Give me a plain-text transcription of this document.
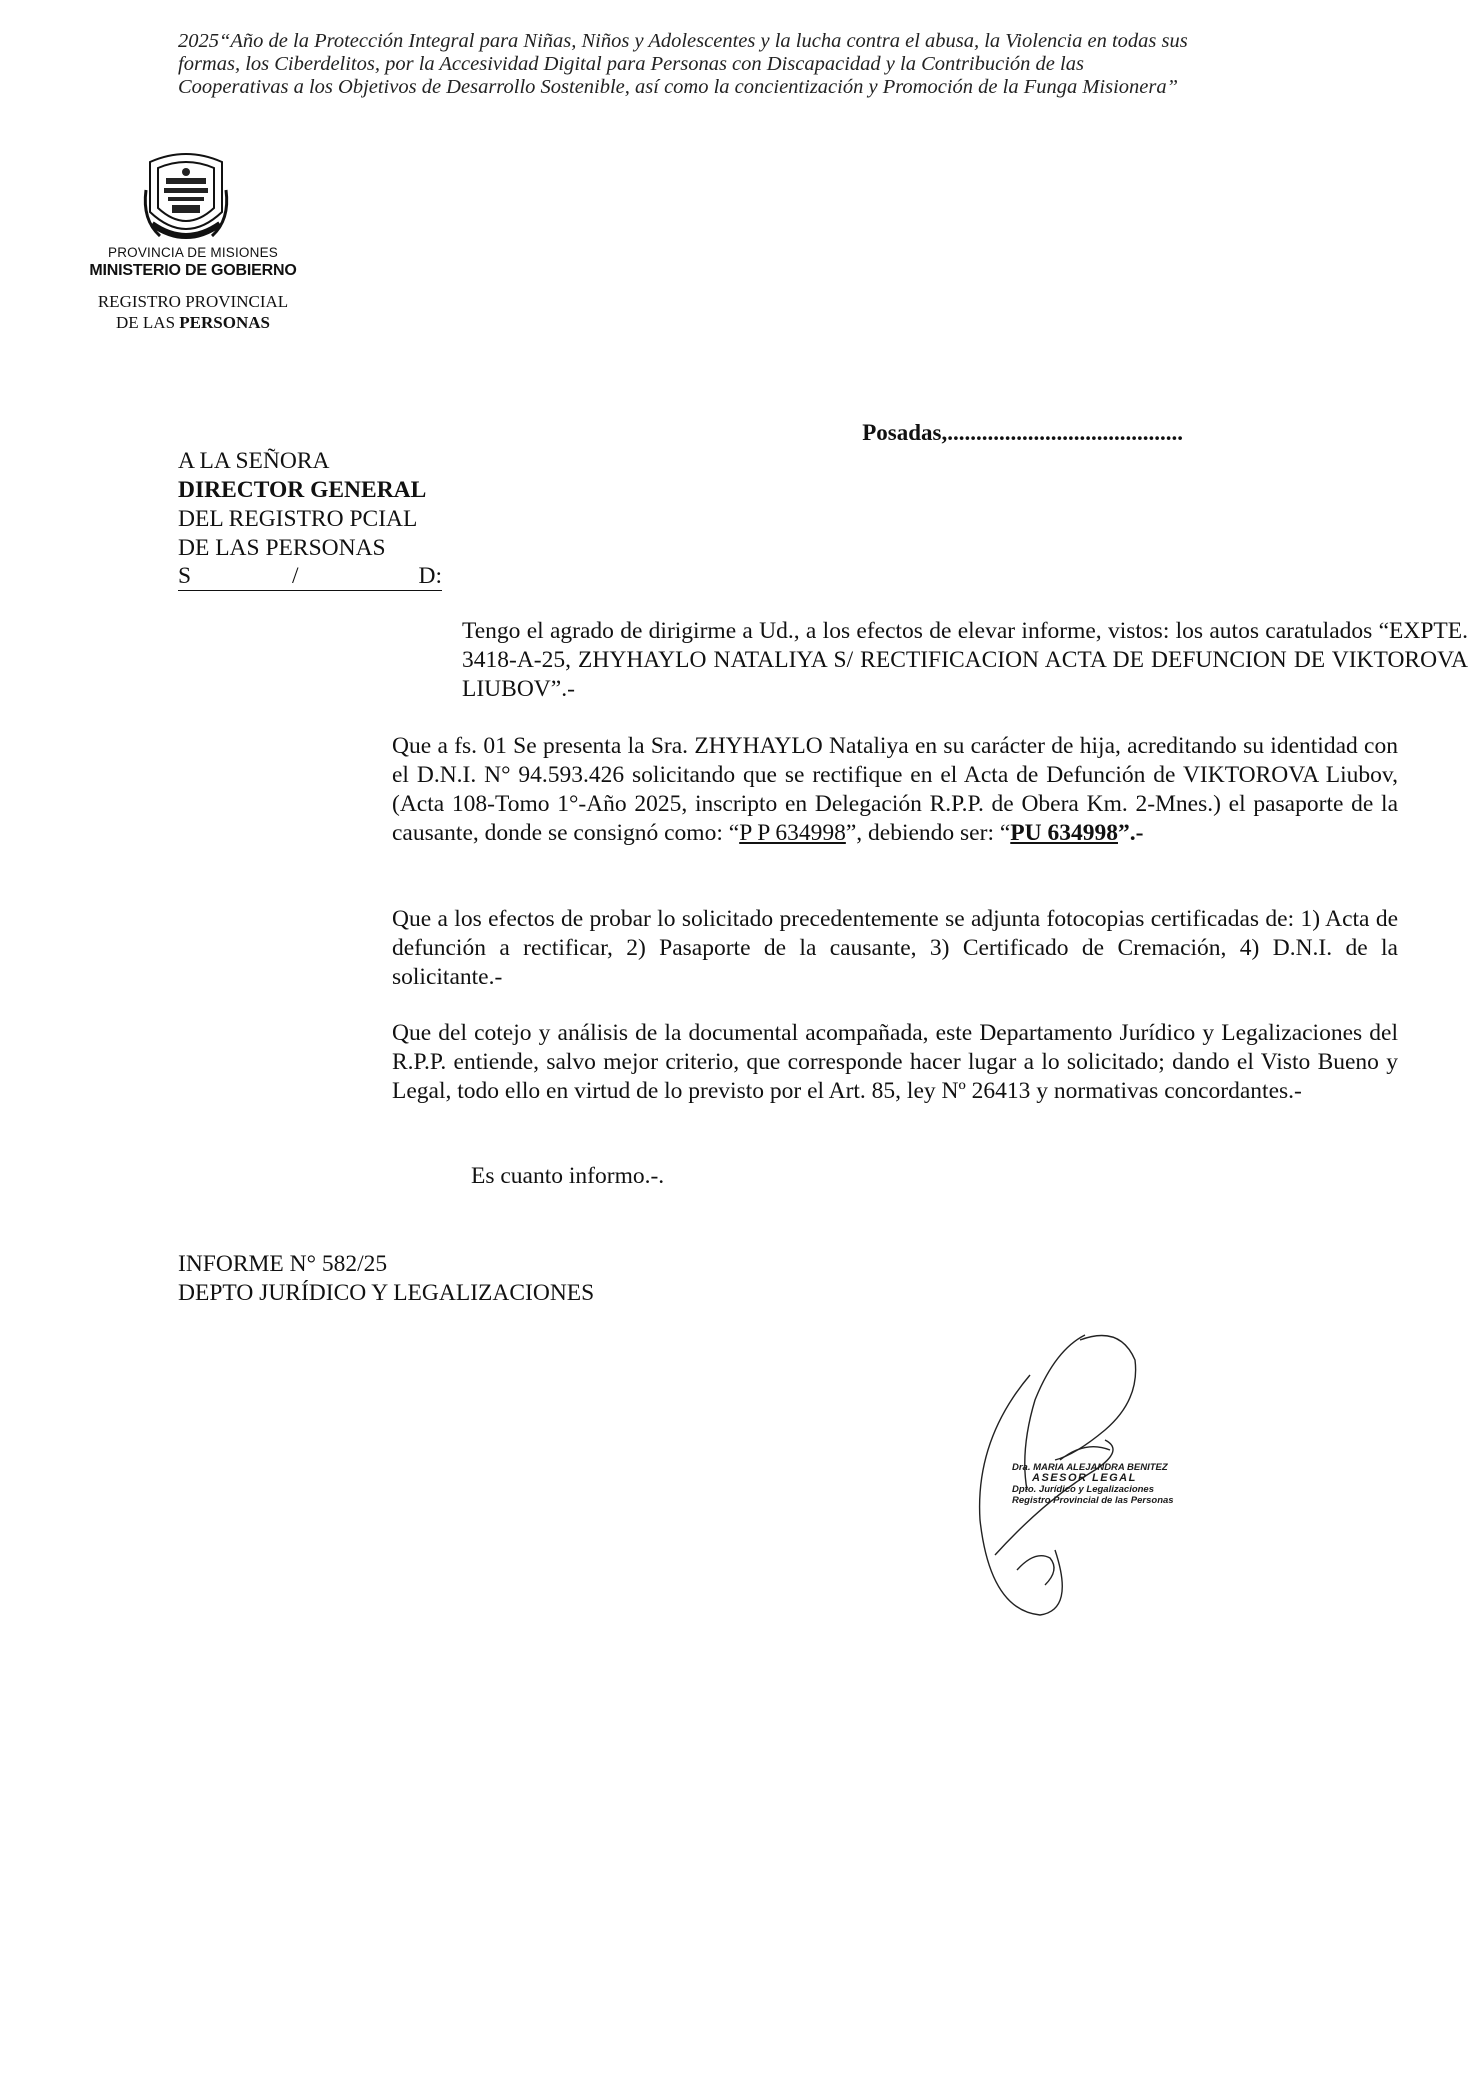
2025“Año de la Protección Integral para Niñas, Niños y Adolescentes y la lucha contra el abusa, la Violencia en todas sus formas, los Ciberdelitos, por la Accesividad Digital para Personas con Discapacidad y la Contribución de las Cooperativas a los Objetivos de Desarrollo Sostenible, así como la concientización y Promoción de la Funga Misionera”
PROVINCIA DE MISIONES
MINISTERIO DE GOBIERNO
REGISTRO PROVINCIAL
DE LAS PERSONAS
Posadas,.........................................
A LA SEÑORA
DIRECTOR GENERAL
DEL REGISTRO PCIAL
DE LAS PERSONAS
S	/	D:
Tengo el agrado de dirigirme a Ud., a los efectos de elevar informe, vistos: los autos caratulados “EXPTE. 3418-A-25, ZHYHAYLO NATALIYA S/ RECTIFICACION ACTA DE DEFUNCION DE VIKTOROVA LIUBOV”.-
Que a fs. 01 Se presenta la Sra. ZHYHAYLO Nataliya en su carácter de hija, acreditando su identidad con el D.N.I. N° 94.593.426 solicitando que se rectifique en el Acta de Defunción de VIKTOROVA Liubov, (Acta 108-Tomo 1°-Año 2025, inscripto en Delegación R.P.P. de Obera Km. 2-Mnes.) el pasaporte de la causante, donde se consignó como: “P P 634998”, debiendo ser: “PU 634998”.-
Que a los efectos de probar lo solicitado precedentemente se adjunta fotocopias certificadas de: 1) Acta de defunción a rectificar, 2) Pasaporte de la causante, 3) Certificado de Cremación, 4) D.N.I. de la solicitante.-
Que del cotejo y análisis de la documental acompañada, este Departamento Jurídico y Legalizaciones del R.P.P. entiende, salvo mejor criterio, que corresponde hacer lugar a lo solicitado; dando el Visto Bueno y Legal, todo ello en virtud de lo previsto por el Art. 85, ley Nº 26413 y normativas concordantes.-
Es cuanto informo.-.
INFORME N° 582/25
DEPTO JURÍDICO Y LEGALIZACIONES
Dra. MARIA ALEJANDRA BENITEZ
ASESOR LEGAL
Dpto. Jurídico y Legalizaciones
Registro Provincial de las Personas
